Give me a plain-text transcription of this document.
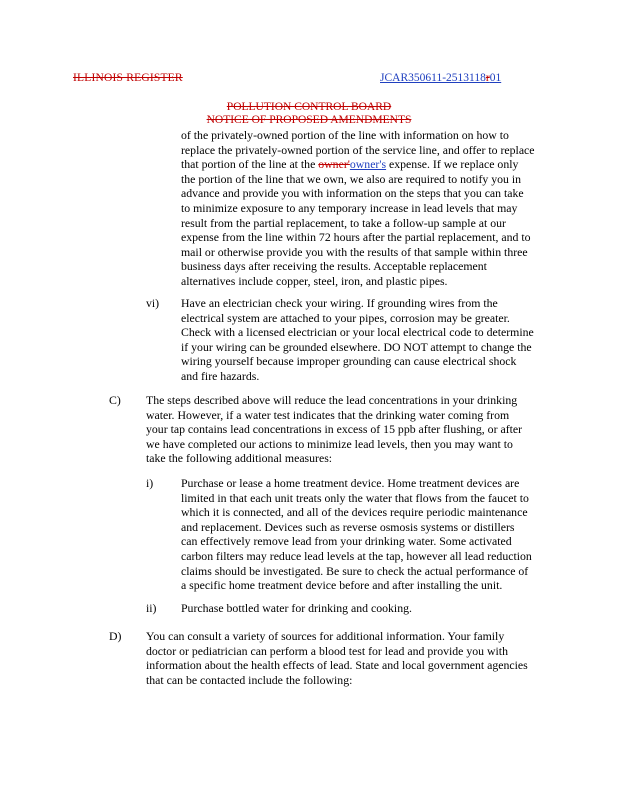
ILLINOIS REGISTER	JCAR350611-2513118r01
POLLUTION CONTROL BOARD
NOTICE OF PROPOSED AMENDMENTS
of the privately-owned portion of the line with information on how to
replace the privately-owned portion of the service line, and offer to replace
that portion of the line at the owner'owner's expense. If we replace only
the portion of the line that we own, we also are required to notify you in
advance and provide you with information on the steps that you can take
to minimize exposure to any temporary increase in lead levels that may
result from the partial replacement, to take a follow-up sample at our
expense from the line within 72 hours after the partial replacement, and to
mail or otherwise provide you with the results of that sample within three
business days after receiving the results. Acceptable replacement
alternatives include copper, steel, iron, and plastic pipes.
vi) Have an electrician check your wiring. If grounding wires from the
electrical system are attached to your pipes, corrosion may be greater.
Check with a licensed electrician or your local electrical code to determine
if your wiring can be grounded elsewhere. DO NOT attempt to change the
wiring yourself because improper grounding can cause electrical shock
and fire hazards.
C) The steps described above will reduce the lead concentrations in your drinking
water. However, if a water test indicates that the drinking water coming from
your tap contains lead concentrations in excess of 15 ppb after flushing, or after
we have completed our actions to minimize lead levels, then you may want to
take the following additional measures:
i) Purchase or lease a home treatment device. Home treatment devices are
limited in that each unit treats only the water that flows from the faucet to
which it is connected, and all of the devices require periodic maintenance
and replacement. Devices such as reverse osmosis systems or distillers
can effectively remove lead from your drinking water. Some activated
carbon filters may reduce lead levels at the tap, however all lead reduction
claims should be investigated. Be sure to check the actual performance of
a specific home treatment device before and after installing the unit.
ii) Purchase bottled water for drinking and cooking.
D) You can consult a variety of sources for additional information. Your family
doctor or pediatrician can perform a blood test for lead and provide you with
information about the health effects of lead. State and local government agencies
that can be contacted include the following:
